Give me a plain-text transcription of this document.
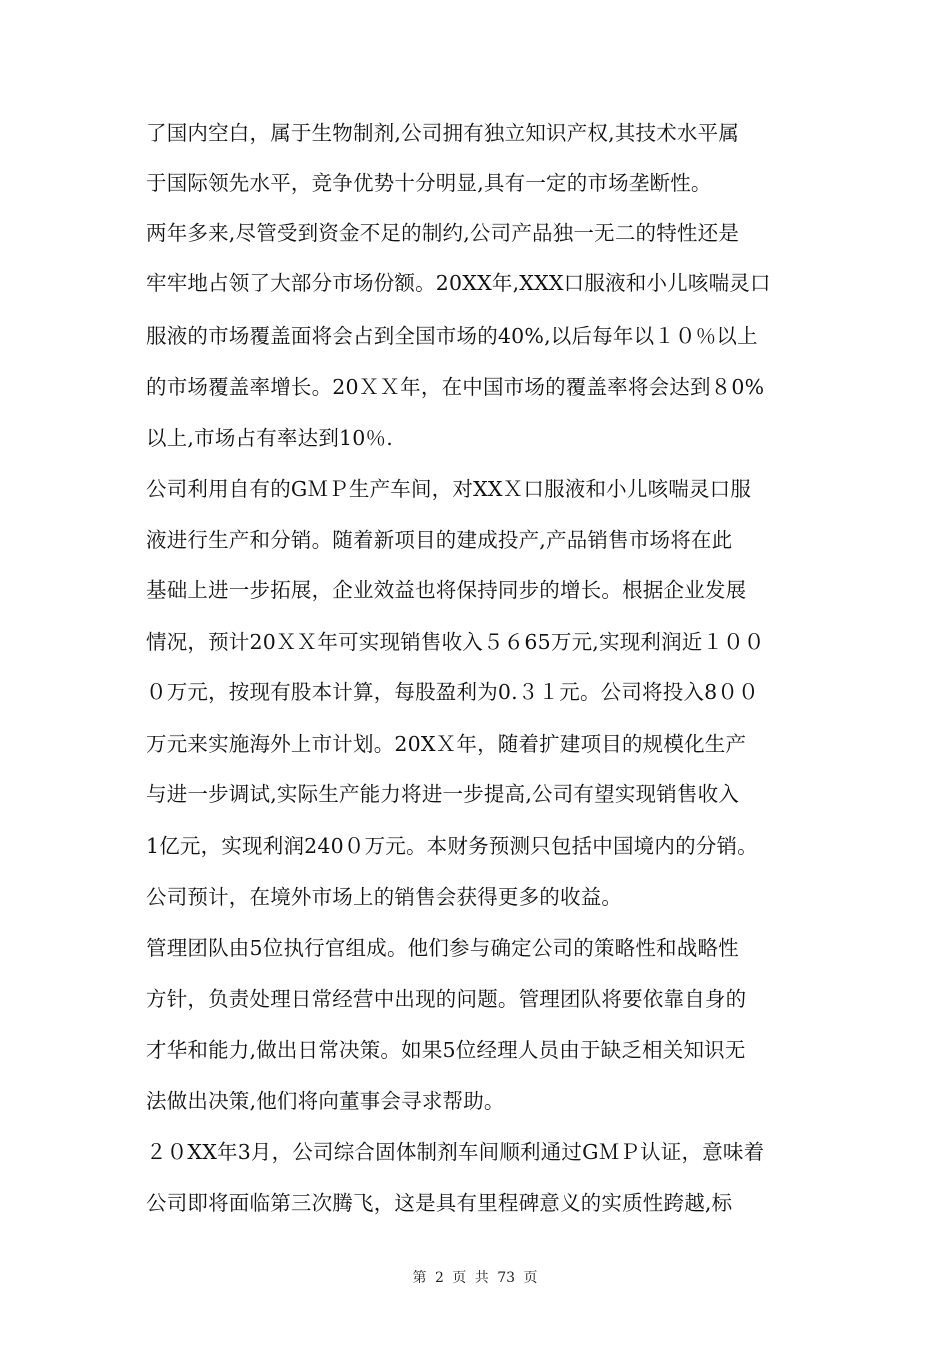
了国内空白，属于生物制剂,公司拥有独立知识产权,其技术水平属
于国际领先水平，竞争优势十分明显,具有一定的市场垄断性。
两年多来,尽管受到资金不足的制约,公司产品独一无二的特性还是
牢牢地占领了大部分市场份额。20XX年,XXX口服液和小儿咳喘灵口
服液的市场覆盖面将会占到全国市场的40%,以后每年以１０％以上
的市场覆盖率增长。20ＸＸ年，在中国市场的覆盖率将会达到８0%
以上,市场占有率达到10％.
公司利用自有的GＭＰ生产车间，对XXＸ口服液和小儿咳喘灵口服
液进行生产和分销。随着新项目的建成投产,产品销售市场将在此
基础上进一步拓展，企业效益也将保持同步的增长。根据企业发展
情况，预计20ＸＸ年可实现销售收入５６65万元,实现利润近１００
０万元，按现有股本计算，每股盈利为0.３１元。公司将投入8００
万元来实施海外上市计划。20XＸ年，随着扩建项目的规模化生产
与进一步调试,实际生产能力将进一步提高,公司有望实现销售收入
1亿元，实现利润240０万元。本财务预测只包括中国境内的分销。
公司预计，在境外市场上的销售会获得更多的收益。
管理团队由5位执行官组成。他们参与确定公司的策略性和战略性
方针，负责处理日常经营中出现的问题。管理团队将要依靠自身的
才华和能力,做出日常决策。如果5位经理人员由于缺乏相关知识无
法做出决策,他们将向董事会寻求帮助。
２０XX年3月，公司综合固体制剂车间顺利通过GＭＰ认证，意味着
公司即将面临第三次腾飞，这是具有里程碑意义的实质性跨越,标
第 2 页 共 73 页
